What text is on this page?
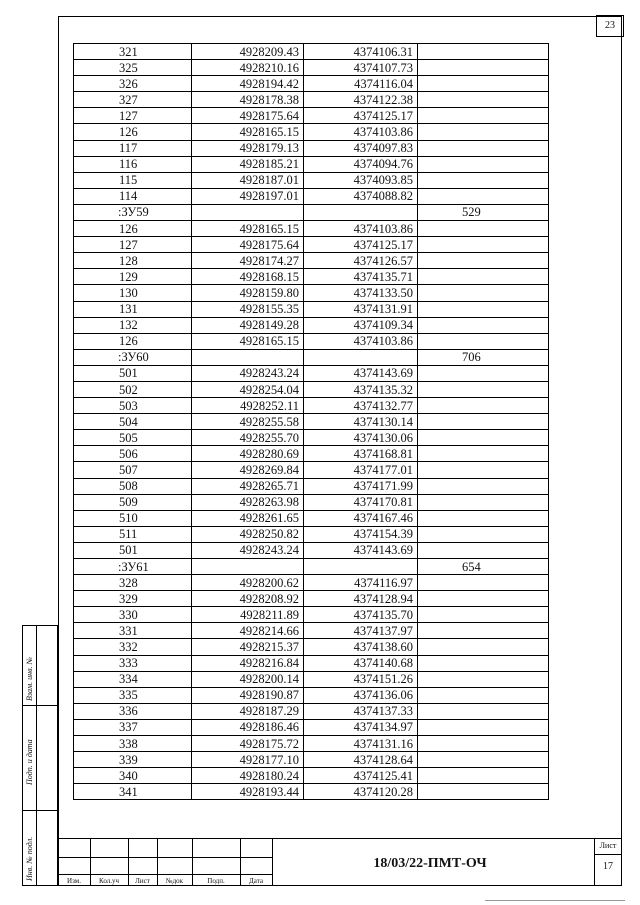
23
321	4928209.43	4374106.31	
325	4928210.16	4374107.73	
326	4928194.42	4374116.04	
327	4928178.38	4374122.38	
127	4928175.64	4374125.17	
126	4928165.15	4374103.86	
117	4928179.13	4374097.83	
116	4928185.21	4374094.76	
115	4928187.01	4374093.85	
114	4928197.01	4374088.82	
:ЗУ59			529
126	4928165.15	4374103.86	
127	4928175.64	4374125.17	
128	4928174.27	4374126.57	
129	4928168.15	4374135.71	
130	4928159.80	4374133.50	
131	4928155.35	4374131.91	
132	4928149.28	4374109.34	
126	4928165.15	4374103.86	
:ЗУ60			706
501	4928243.24	4374143.69	
502	4928254.04	4374135.32	
503	4928252.11	4374132.77	
504	4928255.58	4374130.14	
505	4928255.70	4374130.06	
506	4928280.69	4374168.81	
507	4928269.84	4374177.01	
508	4928265.71	4374171.99	
509	4928263.98	4374170.81	
510	4928261.65	4374167.46	
511	4928250.82	4374154.39	
501	4928243.24	4374143.69	
:ЗУ61			654
328	4928200.62	4374116.97	
329	4928208.92	4374128.94	
330	4928211.89	4374135.70	
331	4928214.66	4374137.97	
332	4928215.37	4374138.60	
333	4928216.84	4374140.68	
334	4928200.14	4374151.26	
335	4928190.87	4374136.06	
336	4928187.29	4374137.33	
337	4928186.46	4374134.97	
338	4928175.72	4374131.16	
339	4928177.10	4374128.64	
340	4928180.24	4374125.41	
341	4928193.44	4374120.28	
Взам. инв. №
Подп. и дата
Инв. № подл.	Изм.	Кол.уч	Лист	№док	Подп.	Дата
18/03/22-ПМТ-ОЧ
Лист
17
